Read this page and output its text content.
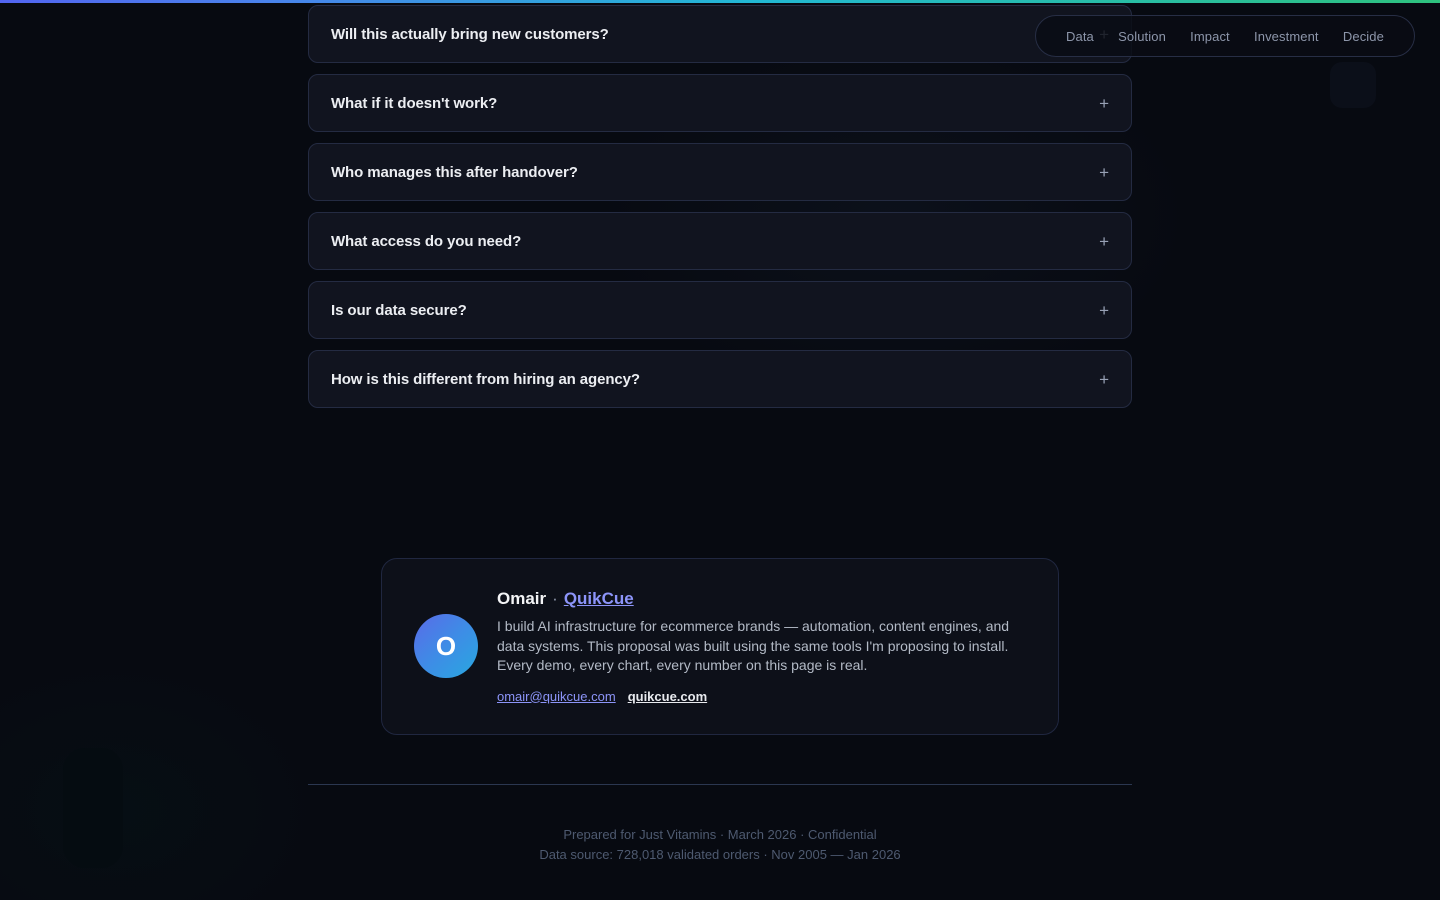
Data Solution Impact Investment Decide
Will this actually bring new customers?
What if it doesn't work?	+
Who manages this after handover?	+
What access do you need?	+
Is our data secure?	+
How is this different from hiring an agency?	+
O
Omair · QuikCue

I build AI infrastructure for ecommerce brands — automation, content engines, and data systems. This proposal was built using the same tools I'm proposing to install. Every demo, every chart, every number on this page is real.

omair@quikcue.com quikcue.com
Prepared for Just Vitamins · March 2026 · Confidential
Data source: 728,018 validated orders · Nov 2005 — Jan 2026
